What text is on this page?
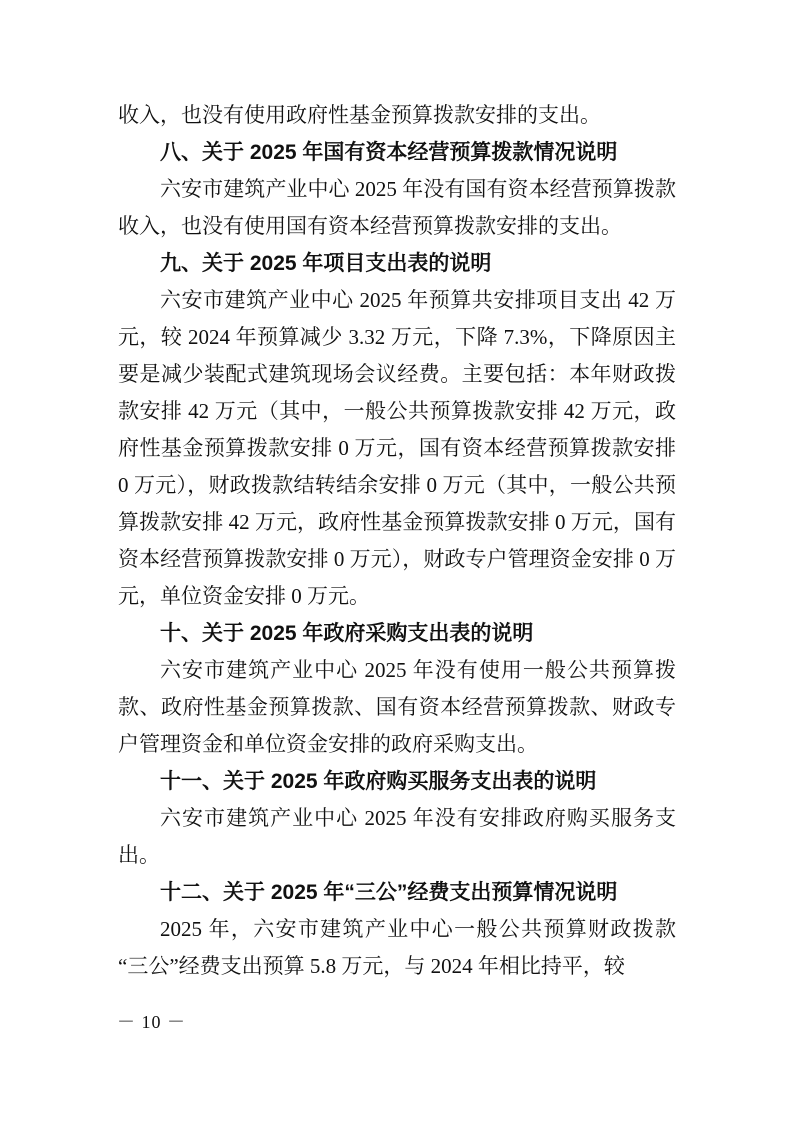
收入，也没有使用政府性基金预算拨款安排的支出。

八、关于 2025 年国有资本经营预算拨款情况说明

六安市建筑产业中心 2025 年没有国有资本经营预算拨款收入，也没有使用国有资本经营预算拨款安排的支出。

九、关于 2025 年项目支出表的说明

六安市建筑产业中心 2025 年预算共安排项目支出 42 万元，较 2024 年预算减少 3.32 万元，下降 7.3%，下降原因主要是减少装配式建筑现场会议经费。主要包括：本年财政拨款安排 42 万元（其中，一般公共预算拨款安排 42 万元，政府性基金预算拨款安排 0 万元，国有资本经营预算拨款安排 0 万元），财政拨款结转结余安排 0 万元（其中，一般公共预算拨款安排 42 万元，政府性基金预算拨款安排 0 万元，国有资本经营预算拨款安排 0 万元），财政专户管理资金安排 0 万元，单位资金安排 0 万元。

十、关于 2025 年政府采购支出表的说明

六安市建筑产业中心 2025 年没有使用一般公共预算拨款、政府性基金预算拨款、国有资本经营预算拨款、财政专户管理资金和单位资金安排的政府采购支出。

十一、关于 2025 年政府购买服务支出表的说明

六安市建筑产业中心 2025 年没有安排政府购买服务支出。

十二、关于 2025 年“三公”经费支出预算情况说明

2025 年，六安市建筑产业中心一般公共预算财政拨款“三公”经费支出预算 5.8 万元，与 2024 年相比持平，较

－ 10 －
